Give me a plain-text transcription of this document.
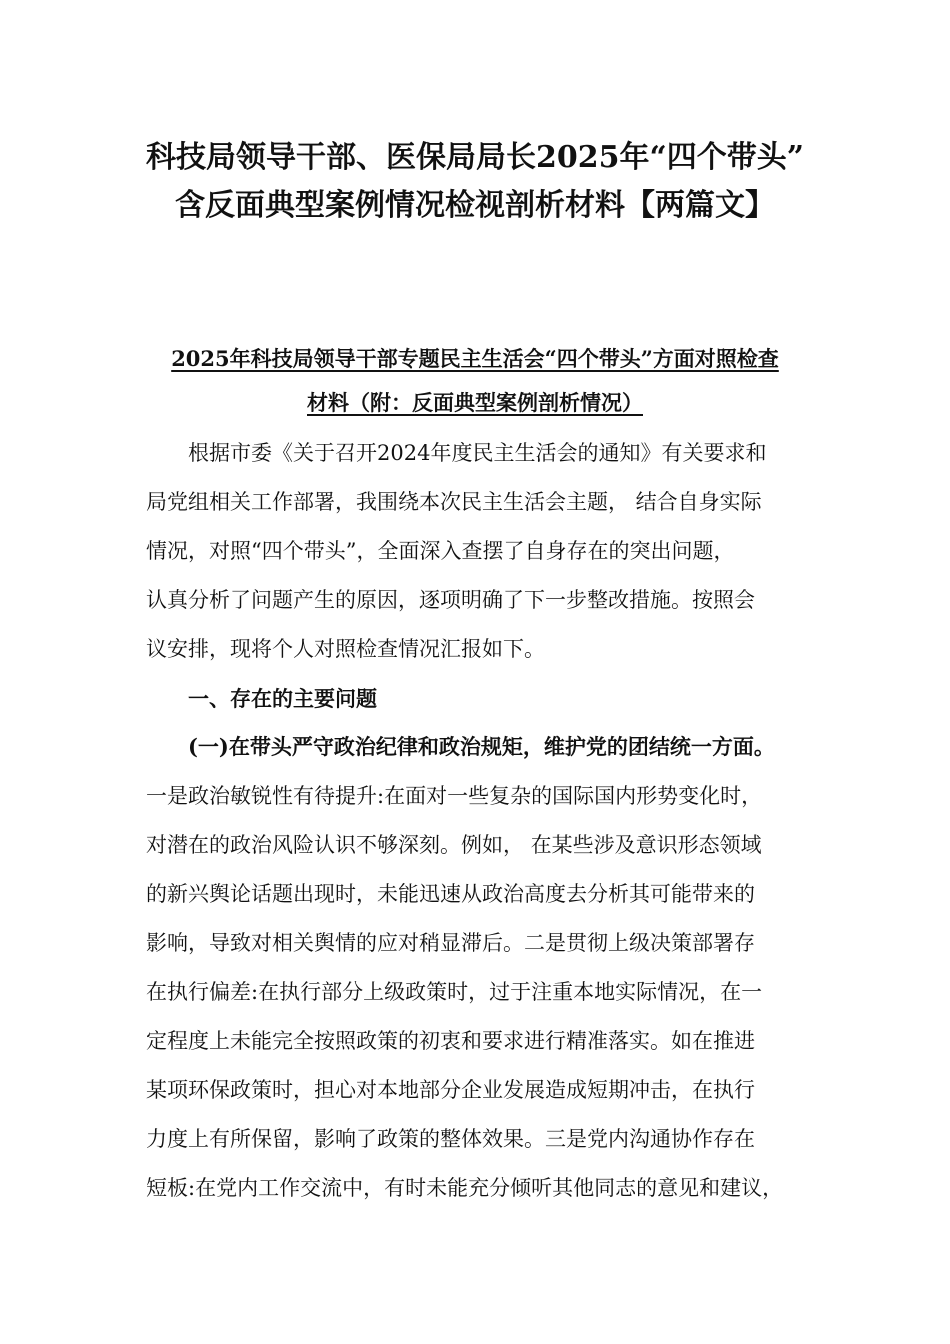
科技局领导干部、医保局局长2025年“四个带头”
含反面典型案例情况检视剖析材料【两篇文】
2025年科技局领导干部专题民主生活会“四个带头”方面对照检查
材料（附：反面典型案例剖析情况）
根据市委《关于召开2024年度民主生活会的通知》有关要求和
局党组相关工作部署，我围绕本次民主生活会主题， 结合自身实际
情况，对照“四个带头”，全面深入查摆了自身存在的突出问题，
认真分析了问题产生的原因，逐项明确了下一步整改措施。按照会
议安排，现将个人对照检查情况汇报如下。
一、存在的主要问题
(一)在带头严守政治纪律和政治规矩，维护党的团结统一方面。
一是政治敏锐性有待提升:在面对一些复杂的国际国内形势变化时，
对潜在的政治风险认识不够深刻。例如， 在某些涉及意识形态领域
的新兴舆论话题出现时，未能迅速从政治高度去分析其可能带来的
影响，导致对相关舆情的应对稍显滞后。二是贯彻上级决策部署存
在执行偏差:在执行部分上级政策时，过于注重本地实际情况，在一
定程度上未能完全按照政策的初衷和要求进行精准落实。如在推进
某项环保政策时，担心对本地部分企业发展造成短期冲击，在执行
力度上有所保留，影响了政策的整体效果。三是党内沟通协作存在
短板:在党内工作交流中，有时未能充分倾听其他同志的意见和建议，
